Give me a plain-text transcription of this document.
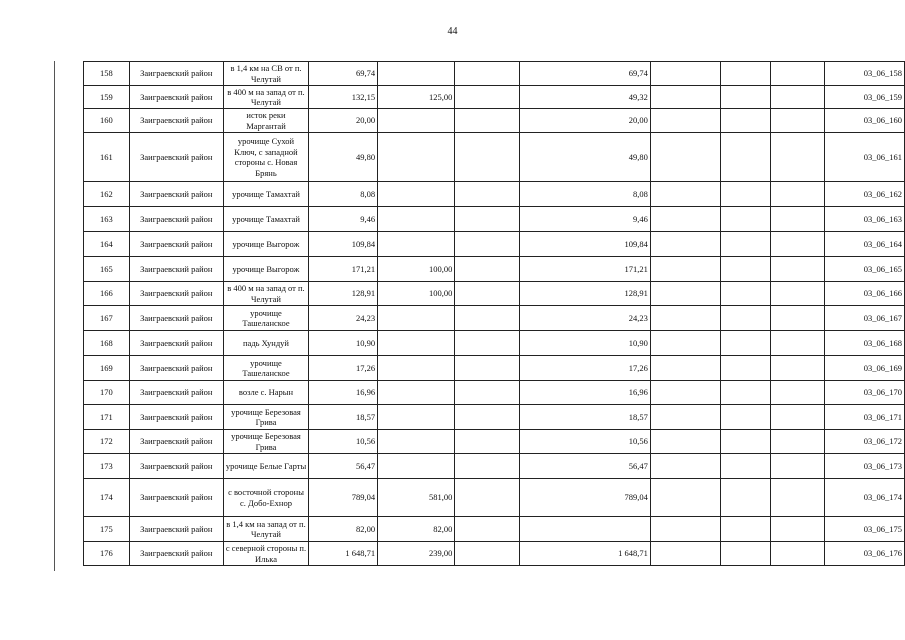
44
158	Заиграевский район	в 1,4 км на СВ от п. Челутай	69,74			69,74				03_06_158
159	Заиграевский район	в 400 м на запад от п. Челутай	132,15	125,00		49,32				03_06_159
160	Заиграевский район	исток реки Маргантай	20,00			20,00				03_06_160
161	Заиграевский район	урочище Сухой Ключ, с западной стороны с. Новая Брянь	49,80			49,80				03_06_161
162	Заиграевский район	урочище Тамахтай	8,08			8,08				03_06_162
163	Заиграевский район	урочище Тамахтай	9,46			9,46				03_06_163
164	Заиграевский район	урочище Выгорож	109,84			109,84				03_06_164
165	Заиграевский район	урочище Выгорож	171,21	100,00		171,21				03_06_165
166	Заиграевский район	в 400 м на запад от п. Челутай	128,91	100,00		128,91				03_06_166
167	Заиграевский район	урочище Ташеланское	24,23			24,23				03_06_167
168	Заиграевский район	падь Хундуй	10,90			10,90				03_06_168
169	Заиграевский район	урочище Ташеланское	17,26			17,26				03_06_169
170	Заиграевский район	возле с. Нарын	16,96			16,96				03_06_170
171	Заиграевский район	урочище Березовая Грива	18,57			18,57				03_06_171
172	Заиграевский район	урочище Березовая Грива	10,56			10,56				03_06_172
173	Заиграевский район	урочище Белые Гарты	56,47			56,47				03_06_173
174	Заиграевский район	с восточной стороны с. Добо-Ехнор	789,04	581,00		789,04				03_06_174
175	Заиграевский район	в 1,4 км на запад от п. Челутай	82,00	82,00						03_06_175
176	Заиграевский район	с северной стороны п. Илька	1 648,71	239,00		1 648,71				03_06_176
